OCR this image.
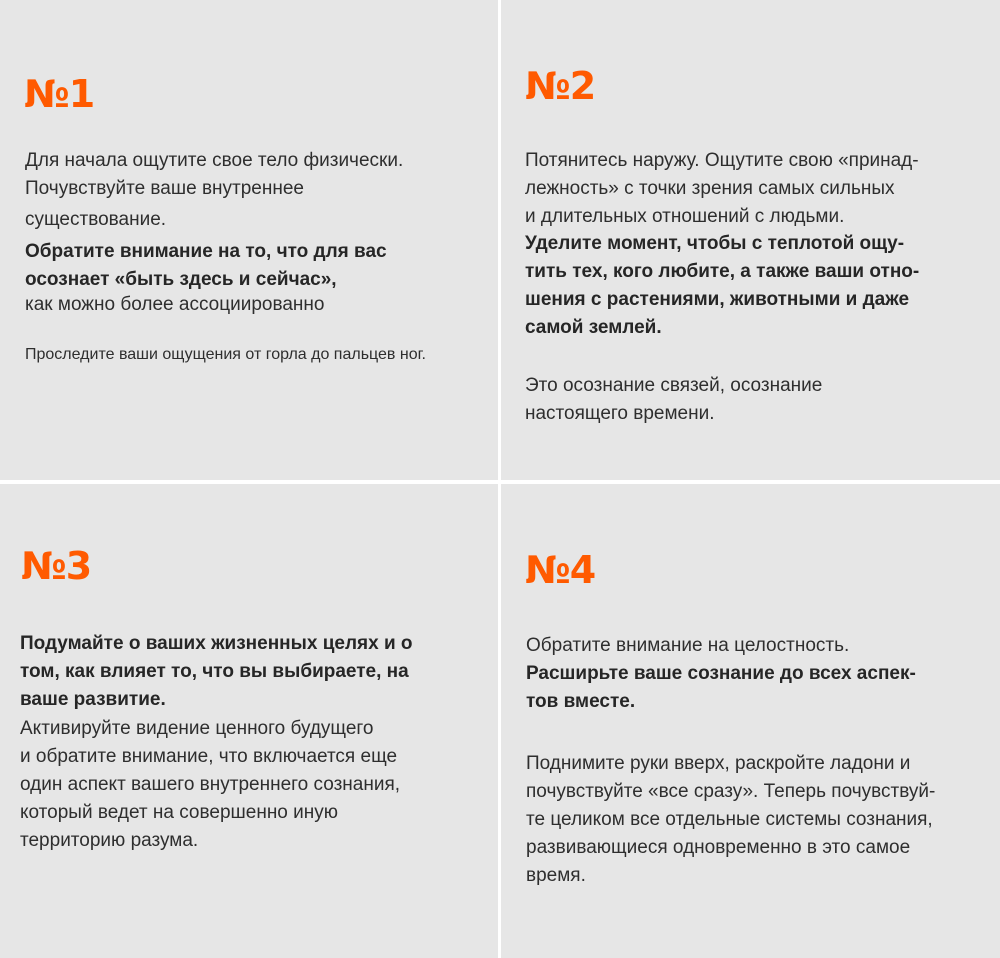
№1
Для начала ощутите свое тело физически.
Почувствуйте ваше внутреннее
существование.
Обратите внимание на то, что для вас
осознает «быть здесь и сейчас»,
как можно более ассоциированно
Проследите ваши ощущения от горла до пальцев ног.
№2
Потянитесь наружу. Ощутите свою «принад-
лежность» с точки зрения самых сильных
и длительных отношений с людьми.
Уделите момент, чтобы с теплотой ощу-
тить тех, кого любите, а также ваши отно-
шения с растениями, животными и даже
самой землей.
Это осознание связей, осознание
настоящего времени.
№3
Подумайте о ваших жизненных целях и о
том, как влияет то, что вы выбираете, на
ваше развитие.
Активируйте видение ценного будущего
и обратите внимание, что включается еще
один аспект вашего внутреннего сознания,
который ведет на совершенно иную
территорию разума.
№4
Обратите внимание на целостность.
Расширьте ваше сознание до всех аспек-
тов вместе.
Поднимите руки вверх, раскройте ладони и
почувствуйте «все сразу». Теперь почувствуй-
те целиком все отдельные системы сознания,
развивающиеся одновременно в это самое
время.
